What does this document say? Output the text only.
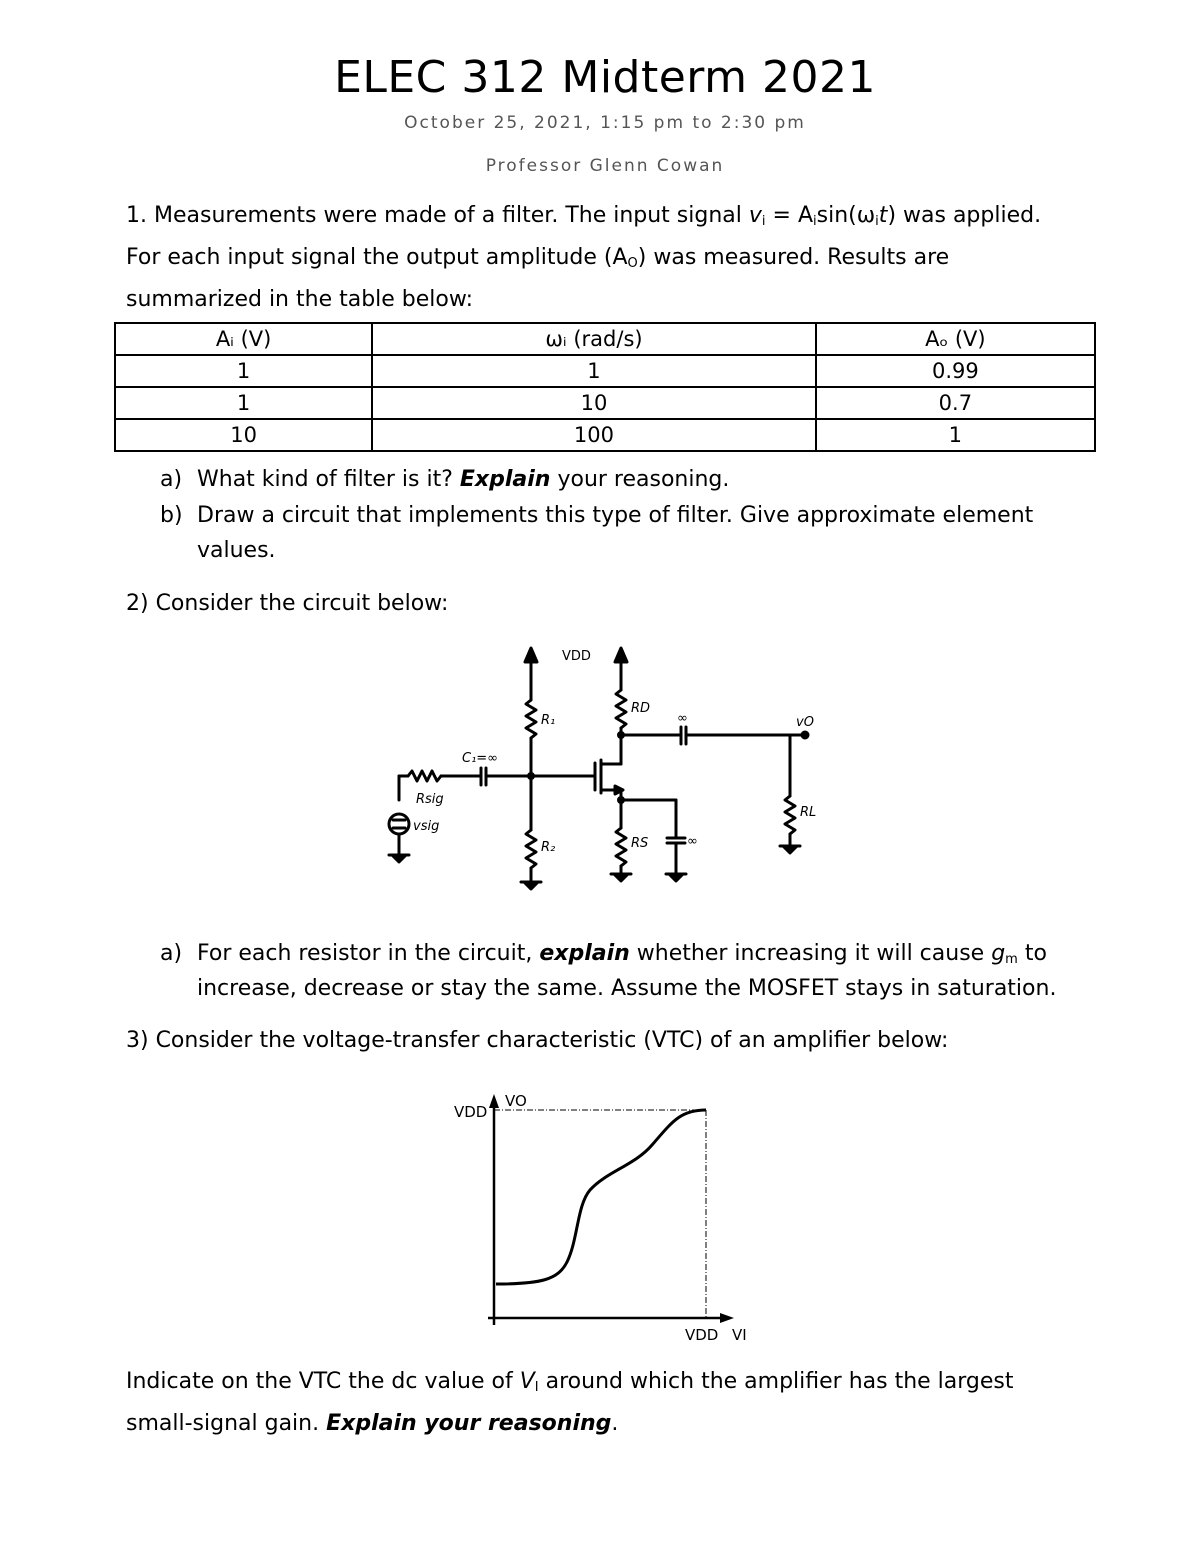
ELEC 312 Midterm 2021
October 25, 2021, 1:15 pm to 2:30 pm
Professor Glenn Cowan
1. Measurements were made of a filter. The input signal $v_i = A_i\sin(\omega_it)$ was applied.
For each input signal the output amplitude $(A_O)$ was measured. Results are
summarized in the table below:
Aᵢ (V)	ωᵢ (rad/s)	Aₒ (V)
1	1	0.99
1	10	0.7
10	100	1
a) What kind of filter is it? Explain your reasoning.
b) Draw a circuit that implements this type of filter. Give approximate element
values.
2) Consider the circuit below:
VDD
R₁
RD
∞	vO
C₁=∞
Rsig
vsig
R₂	RS	∞
RL
VDD
VO
VDD VI
a) For each resistor in the circuit, explain whether increasing it will cause $g_m$ to
increase, decrease or stay the same. Assume the MOSFET stays in saturation.
3) Consider the voltage-transfer characteristic (VTC) of an amplifier below:
Indicate on the VTC the dc value of $V_I$ around which the amplifier has the largest
small-signal gain. Explain your reasoning.
